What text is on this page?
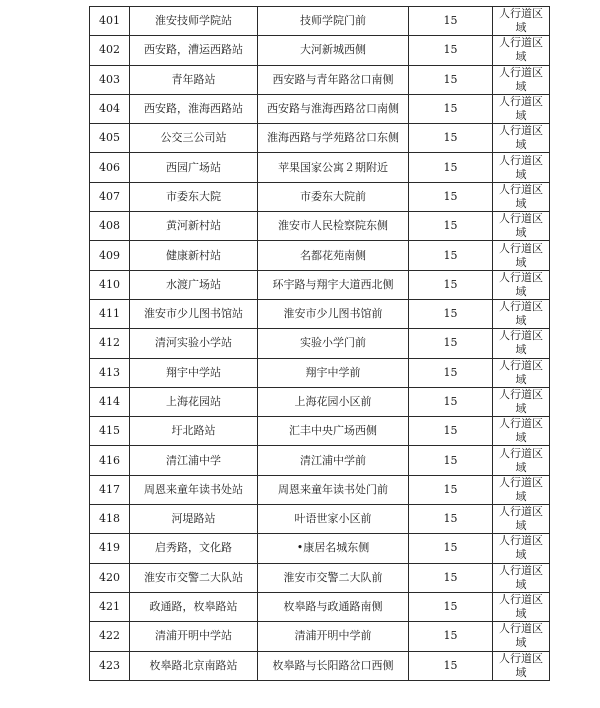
401	淮安技师学院站	技师学院门前	15	人行道区域
402	西安路，漕运西路站	大河新城西侧	15	人行道区域
403	青年路站	西安路与青年路岔口南侧	15	人行道区域
404	西安路，淮海西路站	西安路与淮海西路岔口南侧	15	人行道区域
405	公交三公司站	淮海西路与学苑路岔口东侧	15	人行道区域
406	西园广场站	苹果国家公寓２期附近	15	人行道区域
407	市委东大院	市委东大院前	15	人行道区域
408	黄河新村站	淮安市人民检察院东侧	15	人行道区域
409	健康新村站	名都花苑南侧	15	人行道区域
410	水渡广场站	环宇路与翔宇大道西北侧	15	人行道区域
411	淮安市少儿图书馆站	淮安市少儿图书馆前	15	人行道区域
412	清河实验小学站	实验小学门前	15	人行道区域
413	翔宇中学站	翔宇中学前	15	人行道区域
414	上海花园站	上海花园小区前	15	人行道区域
415	圩北路站	汇丰中央广场西侧	15	人行道区域
416	清江浦中学	清江浦中学前	15	人行道区域
417	周恩来童年读书处站	周恩来童年读书处门前	15	人行道区域
418	河堤路站	叶语世家小区前	15	人行道区域
419	启秀路，文化路	•康居名城东侧	15	人行道区域
420	淮安市交警二大队站	淮安市交警二大队前	15	人行道区域
421	政通路，枚皋路站	枚皋路与政通路南侧	15	人行道区域
422	清浦开明中学站	清浦开明中学前	15	人行道区域
423	枚皋路北京南路站	枚皋路与长阳路岔口西侧	15	人行道区域
